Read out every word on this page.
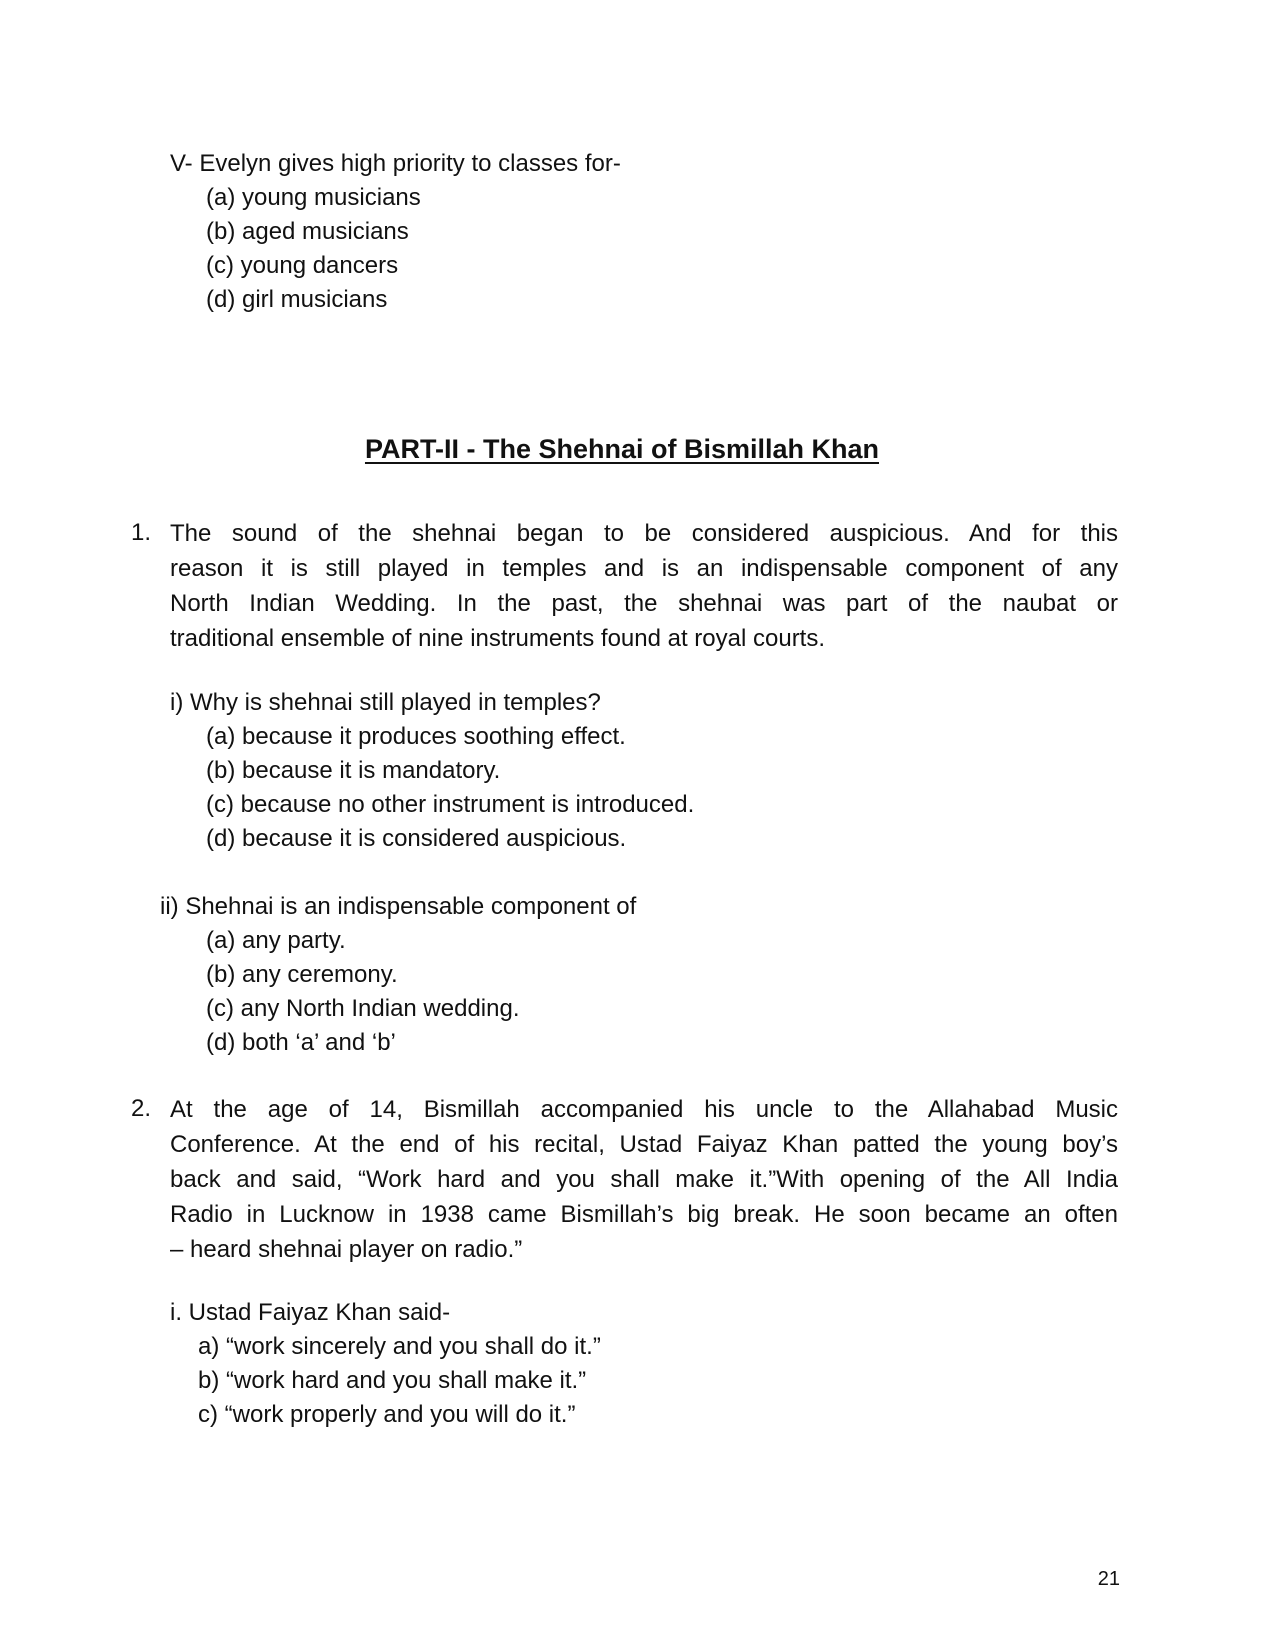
V- Evelyn gives high priority to classes for-
(a) young musicians
(b) aged musicians
(c) young dancers
(d) girl musicians
PART-II - The Shehnai of Bismillah Khan
1. The sound of the shehnai began to be considered auspicious. And for this
reason it is still played in temples and is an indispensable component of any
North Indian Wedding. In the past, the shehnai was part of the naubat or
traditional ensemble of nine instruments found at royal courts.
i) Why is shehnai still played in temples?
(a) because it produces soothing effect.
(b) because it is mandatory.
(c) because no other instrument is introduced.
(d) because it is considered auspicious.
ii) Shehnai is an indispensable component of
(a) any party.
(b) any ceremony.
(c) any North Indian wedding.
(d) both ‘a’ and ‘b’
2. At the age of 14, Bismillah accompanied his uncle to the Allahabad Music
Conference. At the end of his recital, Ustad Faiyaz Khan patted the young boy’s
back and said, “Work hard and you shall make it.”With opening of the All India
Radio in Lucknow in 1938 came Bismillah’s big break. He soon became an often
– heard shehnai player on radio.”
i. Ustad Faiyaz Khan said-
a) “work sincerely and you shall do it.”
b) “work hard and you shall make it.”
c) “work properly and you will do it.”
21
